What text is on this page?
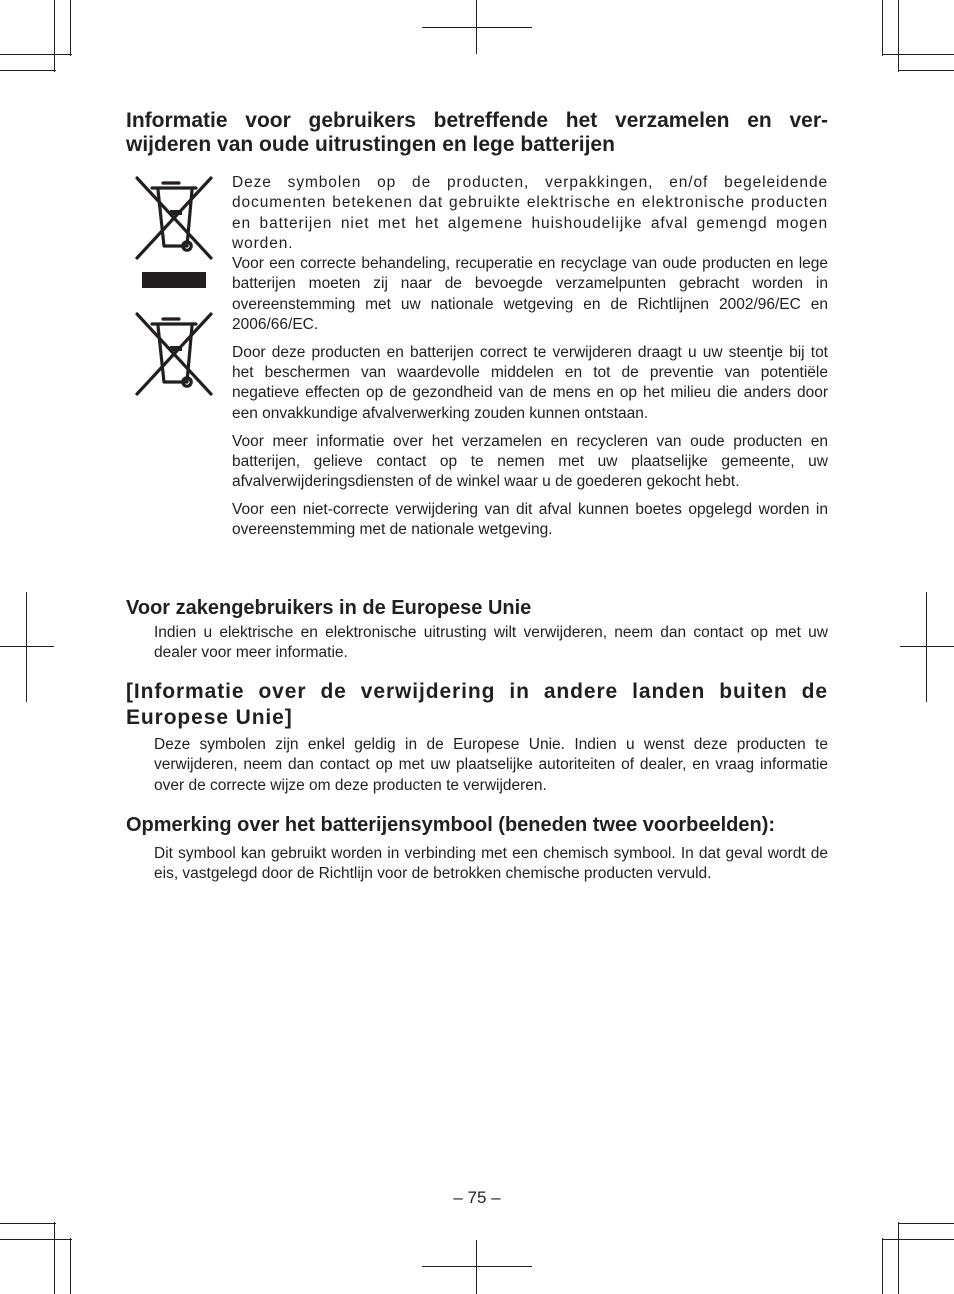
Informatie voor gebruikers betreffende het verzamelen en ver-wijderen van oude uitrustingen en lege batterijen

Deze symbolen op de producten, verpakkingen, en/of begeleidende documenten betekenen dat gebruikte elektrische en elektronische producten en batterijen niet met het algemene huishoudelijke afval gemengd mogen worden.

Voor een correcte behandeling, recuperatie en recyclage van oude producten en lege batterijen moeten zij naar de bevoegde verzamelpunten gebracht worden in overeenstemming met uw nationale wetgeving en de Richtlijnen 2002/96/EC en 2006/66/EC.

Door deze producten en batterijen correct te verwijderen draagt u uw steentje bij tot het beschermen van waardevolle middelen en tot de preventie van potentiële negatieve effecten op de gezondheid van de mens en op het milieu die anders door een onvakkundige afvalverwerking zouden kunnen ontstaan.

Voor meer informatie over het verzamelen en recycleren van oude producten en batterijen, gelieve contact op te nemen met uw plaatselijke gemeente, uw afvalverwijderingsdiensten of de winkel waar u de goederen gekocht hebt.

Voor een niet-correcte verwijdering van dit afval kunnen boetes opgelegd worden in overeenstemming met de nationale wetgeving.

Voor zakengebruikers in de Europese Unie

Indien u elektrische en elektronische uitrusting wilt verwijderen, neem dan contact op met uw dealer voor meer informatie.

[Informatie over de verwijdering in andere landen buiten de Europese Unie]

Deze symbolen zijn enkel geldig in de Europese Unie. Indien u wenst deze producten te verwijderen, neem dan contact op met uw plaatselijke autoriteiten of dealer, en vraag informatie over de correcte wijze om deze producten te verwijderen.

Opmerking over het batterijensymbool (beneden twee voorbeelden):

Dit symbool kan gebruikt worden in verbinding met een chemisch symbool. In dat geval wordt de eis, vastgelegd door de Richtlijn voor de betrokken chemische producten vervuld.

– 75 –
